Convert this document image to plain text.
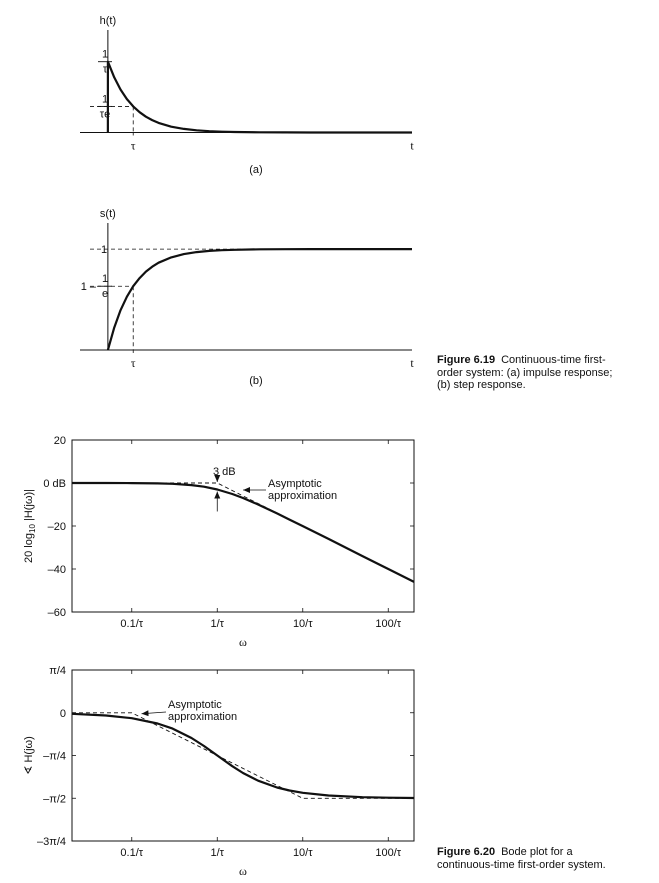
h(t)
t
τ
1
τ
1
τe
(a)
s(t)
t
τ
1
1
e
1 –
(b)
20
0 dB
–20
–40
–60
0.1/τ	1/τ	10/τ	100/τ
ω
20 $\log_{10} |H(j\omega)|$
3 dB
Asymptotic
approximation
π/4
0
–π/4
–π/2
–3π/4
0.1/τ	1/τ	10/τ	100/τ
ω
∢ H(jω)
Asymptotic
approximation
Figure 6.19 Continuous-time first-
order system: (a) impulse response;
(b) step response.
Figure 6.20 Bode plot for a
continuous-time first-order system.
